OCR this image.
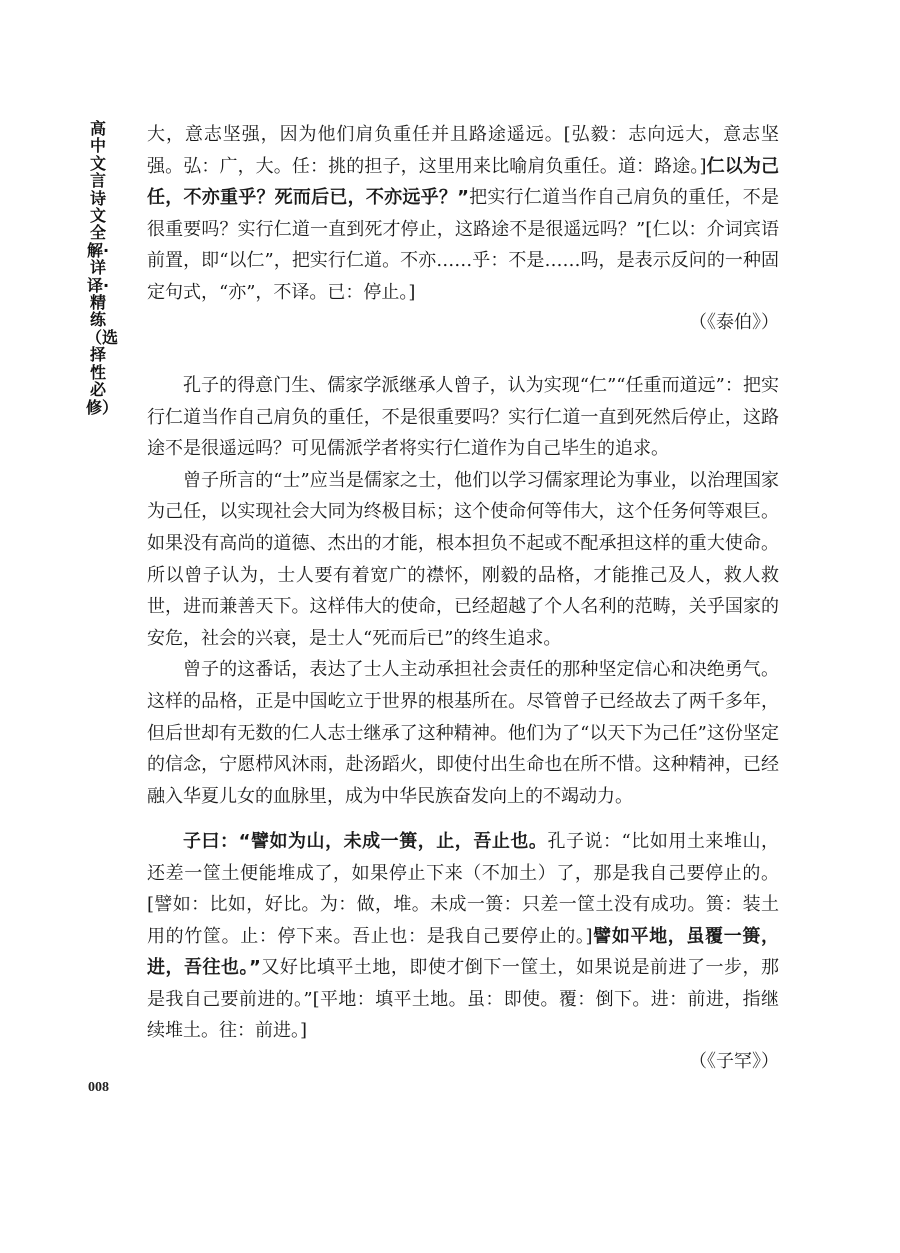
高中文言诗文全解·详译·精练（选择性必修）
大，意志坚强，因为他们肩负重任并且路途遥远。[弘毅：志向远大，意志坚强。弘：广，大。任：挑的担子，这里用来比喻肩负重任。道：路途。]仁以为己任，不亦重乎？死而后已，不亦远乎？”把实行仁道当作自己肩负的重任，不是很重要吗？实行仁道一直到死才停止，这路途不是很遥远吗？”[仁以：介词宾语前置，即“以仁”，把实行仁道。不亦……乎：不是……吗，是表示反问的一种固定句式，“亦”，不译。已：停止。]
（《泰伯》）

孔子的得意门生、儒家学派继承人曾子，认为实现“仁”“任重而道远”：把实行仁道当作自己肩负的重任，不是很重要吗？实行仁道一直到死然后停止，这路途不是很遥远吗？可见儒派学者将实行仁道作为自己毕生的追求。

曾子所言的“士”应当是儒家之士，他们以学习儒家理论为事业，以治理国家为己任，以实现社会大同为终极目标；这个使命何等伟大，这个任务何等艰巨。如果没有高尚的道德、杰出的才能，根本担负不起或不配承担这样的重大使命。所以曾子认为，士人要有着宽广的襟怀，刚毅的品格，才能推己及人，救人救世，进而兼善天下。这样伟大的使命，已经超越了个人名利的范畴，关乎国家的安危，社会的兴衰，是士人“死而后已”的终生追求。

曾子的这番话，表达了士人主动承担社会责任的那种坚定信心和决绝勇气。这样的品格，正是中国屹立于世界的根基所在。尽管曾子已经故去了两千多年，但后世却有无数的仁人志士继承了这种精神。他们为了“以天下为己任”这份坚定的信念，宁愿栉风沐雨，赴汤蹈火，即使付出生命也在所不惜。这种精神，已经融入华夏儿女的血脉里，成为中华民族奋发向上的不竭动力。

子曰：“譬如为山，未成一篑，止，吾止也。孔子说：“比如用土来堆山，还差一筐土便能堆成了，如果停止下来（不加土）了，那是我自己要停止的。[譬如：比如，好比。为：做，堆。未成一篑：只差一筐土没有成功。篑：装土用的竹筐。止：停下来。吾止也：是我自己要停止的。]譬如平地，虽覆一篑，进，吾往也。”又好比填平土地，即使才倒下一筐土，如果说是前进了一步，那是我自己要前进的。”[平地：填平土地。虽：即使。覆：倒下。进：前进，指继续堆土。往：前进。]
（《子罕》）
008
